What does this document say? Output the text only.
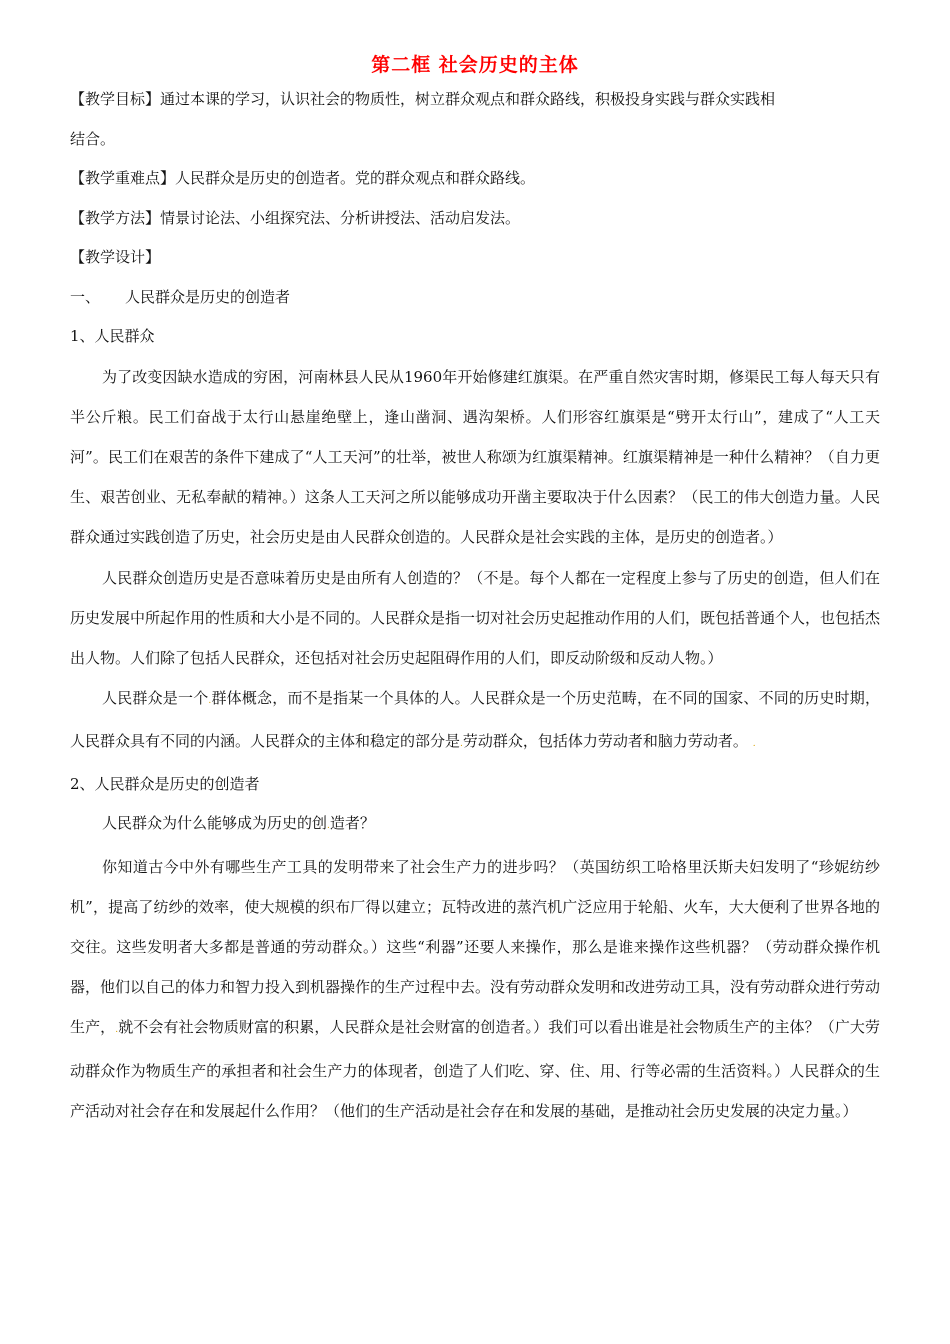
第二框 社会历史的主体

【教学目标】通过本课的学习，认识社会的物质性，树立群众观点和群众路线，积极投身实践与群众实践相

结合。

【教学重难点】人民群众是历史的创造者。党的群众观点和群众路线。

【教学方法】情景讨论法、小组探究法、分析讲授法、活动启发法。

【教学设计】

一、 人民群众是历史的创造者

1、人民群众

为了改变因缺水造成的穷困，河南林县人民从1960年开始修建红旗渠。在严重自然灾害时期，修渠民工每人每天只有半公斤粮。民工们奋战于太行山悬崖绝壁上，逢山凿洞、遇沟架桥。人们形容红旗渠是“劈开太行山”，建成了“人工天河”。民工们在艰苦的条件下建成了“人工天河”的壮举，被世人称颂为红旗渠精神。红旗渠精神是一种什么精神？（自力更生、艰苦创业、无私奉献的精神。）这条人工天河之所以能够成功开凿主要取决于什么因素？（民工的伟大创造力量。人民群众通过实践创造了历史，社会历史是由人民群众创造的。人民群众是社会实践的主体，是历史的创造者。）

人民群众创造历史是否意味着历史是由所有人创造的？（不是。每个人都在一定程度上参与了历史的创造，但人们在历史发展中所起作用的性质和大小是不同的。人民群众是指一切对社会历史起推动作用的人们，既包括普通个人，也包括杰出人物。人们除了包括人民群众，还包括对社会历史起阻碍作用的人们，即反动阶级和反动人物。）

人民群众是一个.群体概念，而不是指某一个具体的人。人民群众是一个历史范畴，在不同的国家、不同的历史时期，人民群众具有不同的内涵。人民群众的主体和稳定的部分是.劳动群众，包括体力劳动者和脑力劳动者。 .

2、人民群众是历史的创造者

人民群众为什么能够成为历史的创.造者？

你知道古今中外有哪些生产工具的发明带来了社会生产力的进步吗？（英国纺织工哈格里沃斯夫妇发明了“珍妮纺纱机”，提高了纺纱的效率，使大规模的织布厂得以建立；瓦特改进的蒸汽机广泛应用于轮船、火车，大大便利了世界各地的交往。这些发明者大多都是普通的劳动群众。）这些“利器”还要人来操作，那么是谁来操作这些机器？（劳动群众操作机器，他们以自己的体力和智力投入到机器操作的生产过程中去。没有劳动群众发明和改进劳动工具，没有劳动群众进行劳动生产，.就不会有社会物质财富的积累，人民群众是社会财富的创造者。）我们可以看出谁是社会物质生产的主体？（广大劳动群众作为物质生产的承担者和社会生产力的体现者，创造了人们吃、穿、住、用、行等必需的生活资料。）人民群众的生产活动对社会存在和发展起什么作用？（他们的生产活动是社会存在和发展的基础，是推动社会历史发展的决定力量。）
